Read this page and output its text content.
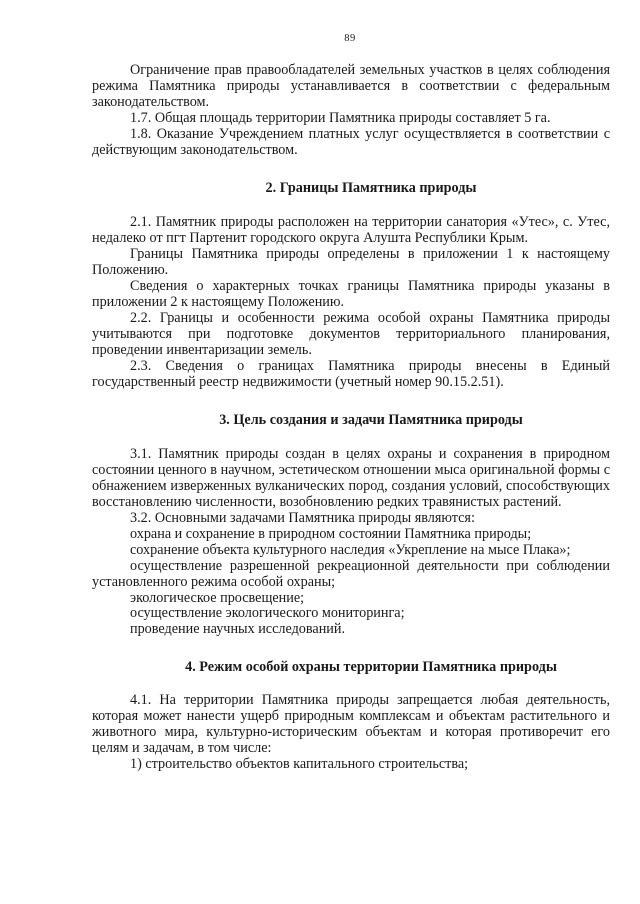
89

Ограничение прав правообладателей земельных участков в целях соблюдения режима Памятника природы устанавливается в соответствии с федеральным законодательством.

1.7. Общая площадь территории Памятника природы составляет 5 га.

1.8. Оказание Учреждением платных услуг осуществляется в соответствии с действующим законодательством.

2. Границы Памятника природы

2.1. Памятник природы расположен на территории санатория «Утес», с. Утес, недалеко от пгт Партенит городского округа Алушта Республики Крым.

Границы Памятника природы определены в приложении 1 к настоящему Положению.

Сведения о характерных точках границы Памятника природы указаны в приложении 2 к настоящему Положению.

2.2. Границы и особенности режима особой охраны Памятника природы учитываются при подготовке документов территориального планирования, проведении инвентаризации земель.

2.3. Сведения о границах Памятника природы внесены в Единый государственный реестр недвижимости (учетный номер 90.15.2.51).

3. Цель создания и задачи Памятника природы

3.1. Памятник природы создан в целях охраны и сохранения в природном состоянии ценного в научном, эстетическом отношении мыса оригинальной формы с обнажением изверженных вулканических пород, создания условий, способствующих восстановлению численности, возобновлению редких травянистых растений.

3.2. Основными задачами Памятника природы являются:

охрана и сохранение в природном состоянии Памятника природы;

сохранение объекта культурного наследия «Укрепление на мысе Плака»;

осуществление разрешенной рекреационной деятельности при соблюдении установленного режима особой охраны;

экологическое просвещение;

осуществление экологического мониторинга;

проведение научных исследований.

4. Режим особой охраны территории Памятника природы

4.1. На территории Памятника природы запрещается любая деятельность, которая может нанести ущерб природным комплексам и объектам растительного и животного мира, культурно-историческим объектам и которая противоречит его целям и задачам, в том числе:

1) строительство объектов капитального строительства;
